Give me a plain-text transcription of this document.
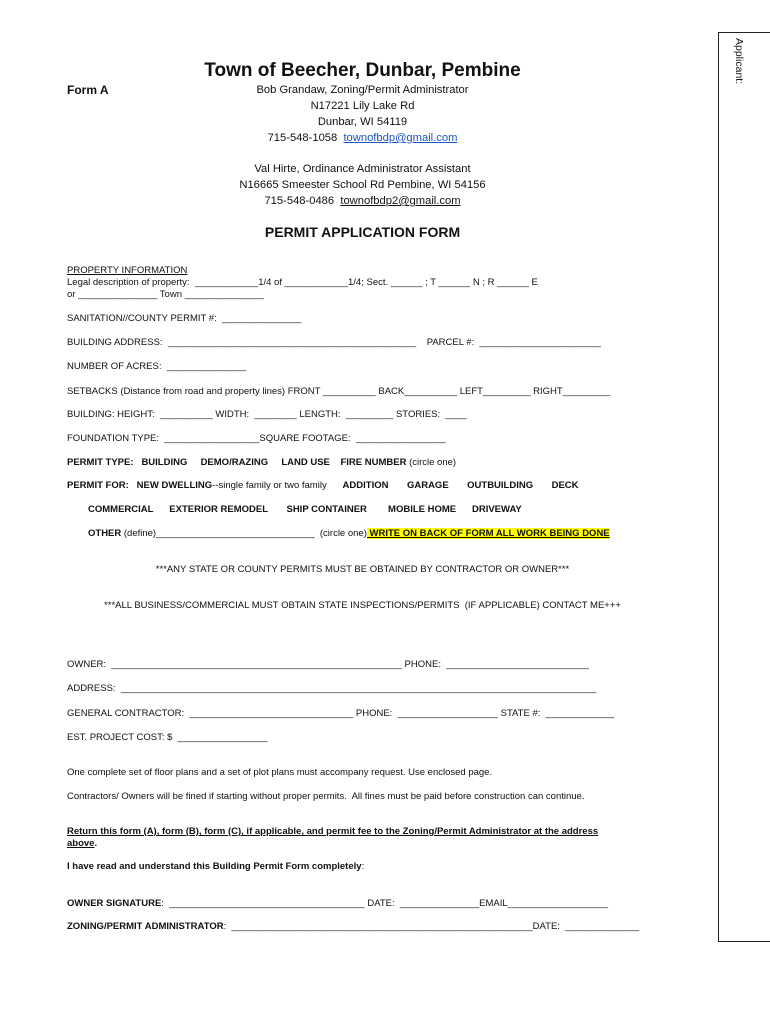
Applicant:
Form A
Town of Beecher, Dunbar, Pembine
Bob Grandaw, Zoning/Permit Administrator
N17221 Lily Lake Rd
Dunbar, WI 54119
715-548-1058 townofbdp@gmail.com
Val Hirte, Ordinance Administrator Assistant
N16665 Smeester School Rd Pembine, WI 54156
715-548-0486 townofbdp2@gmail.com
PERMIT APPLICATION FORM
PROPERTY INFORMATION
Legal description of property:  ____________1/4 of ____________1/4; Sect. ______ ; T ______ N ; R ______ E
or _______________ Town _______________
SANITATION//COUNTY PERMIT #:  _______________
BUILDING ADDRESS:  _______________________________________________    PARCEL #:  _______________________
NUMBER OF ACRES:  _______________
SETBACKS (Distance from road and property lines) FRONT __________ BACK__________ LEFT_________ RIGHT_________
BUILDING: HEIGHT:  __________ WIDTH:  ________ LENGTH:  _________ STORIES:  ____
FOUNDATION TYPE:  __________________SQUARE FOOTAGE:  _________________
PERMIT TYPE: BUILDING DEMO/RAZING LAND USE FIRE NUMBER (circle one)
PERMIT FOR: NEW DWELLING--single family or two family ADDITION GARAGE OUTBUILDING DECK
COMMERCIAL EXTERIOR REMODEL SHIP CONTAINER MOBILE HOME DRIVEWAY
OTHER (define)______________________________  (circle one) WRITE ON BACK OF FORM ALL WORK BEING DONE
***ANY STATE OR COUNTY PERMITS MUST BE OBTAINED BY CONTRACTOR OR OWNER***
***ALL BUSINESS/COMMERCIAL MUST OBTAIN STATE INSPECTIONS/PERMITS  (IF APPLICABLE) CONTACT ME+++
OWNER:  _______________________________________________________ PHONE:  ___________________________
ADDRESS:  __________________________________________________________________________________________
GENERAL CONTRACTOR:  _______________________________ PHONE:  ___________________ STATE #:  _____________
EST. PROJECT COST: $  _________________
One complete set of floor plans and a set of plot plans must accompany request. Use enclosed page.
Contractors/ Owners will be fined if starting without proper permits.  All fines must be paid before construction can continue.
Return this form (A), form (B), form (C), if applicable, and permit fee to the Zoning/Permit Administrator at the address
above.
I have read and understand this Building Permit Form completely:
OWNER SIGNATURE:  _____________________________________ DATE:  _______________EMAIL___________________
ZONING/PERMIT ADMINISTRATOR:  _________________________________________________________DATE:  ______________
